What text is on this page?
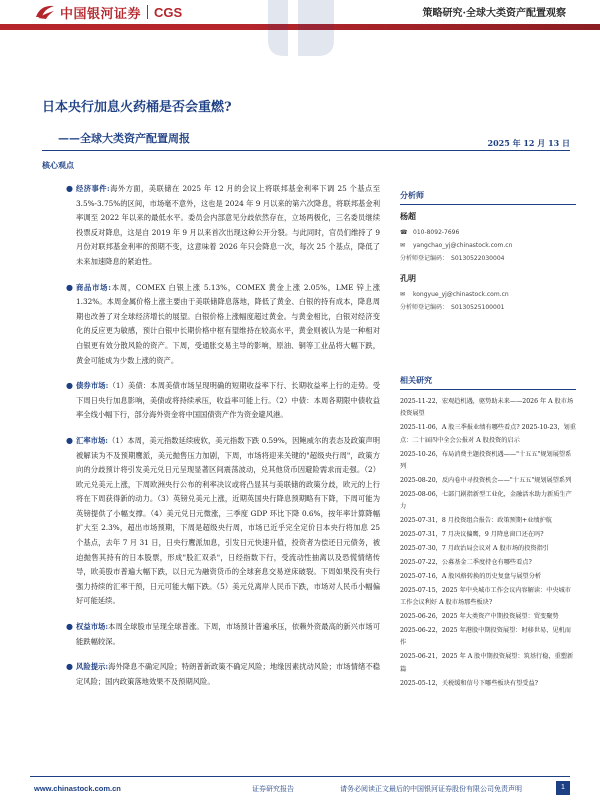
中国银河证券 CGS	策略研究·全球大类资产配置观察
日本央行加息火药桶是否会重燃?
——全球大类资产配置周报	2025 年 12 月 13 日
核心观点
● 经济事件:海外方面，美联储在 2025 年 12 月的会议上将联邦基金利率下调 25 个基点至 3.5%-3.75%的区间，市场毫不意外，这也是 2024 年 9 月以来的第六次降息，将联邦基金利率调至 2022 年以来的最低水平。委员会内部意见分歧依然存在，立场两极化，三名委员继续投票反对降息，这是自 2019 年 9 月以来首次出现这种公开分裂。与此同时，官员们维持了 9 月份对联邦基金利率的预期不变，这意味着 2026 年只会降息一次，每次 25 个基点，降低了未来加速降息的紧迫性。

● 商品市场:本周，COMEX 白银上涨 5.13%，COMEX 黄金上涨 2.05%，LME 锌上涨 1.32%。本周金属价格上涨主要由于美联储降息落地，降低了黄金、白银的持有成本，降息周期也改善了对全球经济增长的展望。白银价格上涨幅度超过黄金。与黄金相比，白银对经济变化的反应更为敏感，预计白银中长期价格中枢有望维持在较高水平，黄金则被认为是一种相对白银更有效分散风险的资产。下周，受通胀交易主导的影响，原油、铜等工业品将大幅下跌，黄金可能成为少数上涨的资产。

● 债券市场:（1）美债：本周美债市场呈现明确的短期收益率下行、长期收益率上行的走势。受下周日央行加息影响，美债或将持续承压，收益率可能上行。（2）中债：本周各期限中债收益率全线小幅下行，部分海外资金将中国国债资产作为资金避风港。

● 汇率市场:（1）本周，美元指数延续疲软，美元指数下跌 0.59%，因鲍威尔的表态及政策声明被解读为不及预期鹰派，美元抛售压力加剧，下周，市场将迎来关键的"超级央行周"，政策方向的分歧预计将引发美元兑日元呈现显著区间震荡波动，兑其他货币因避险需求而走强。（2）欧元兑美元上涨，下周欧洲央行公布的利率决议或将凸显其与美联储的政策分歧，欧元的上行将在下周获得新的动力。（3）英镑兑美元上涨，近期英国央行降息预期略有下降，下周可能为英镑提供了小幅支撑。（4）美元兑日元微涨，三季度 GDP 环比下降 0.6%，按年率计算降幅扩大至 2.3%，超出市场预期，下周是超级央行周，市场已近乎完全定价日本央行将加息 25 个基点，去年 7 月 31 日，日央行鹰派加息，引发日元快速升值，投资者为偿还日元债务，被迫抛售其持有的日本股票，形成"股汇双杀"，日经指数下行，受流动性抽离以及恐慌情绪传导，欧美股市普遍大幅下跌，以日元为融资货币的全球套息交易逆床破裂。下周如果没有央行强力持续的汇率干预，日元可能大幅下跌。（5）美元兑离岸人民币下跌，市场对人民币小幅偏好可能延续。

● 权益市场:本周全球股市呈现全球普涨。下周，市场预计普遍承压，依赖外资最高的新兴市场可能跌幅较深。

● 风险提示:海外降息不确定风险；特朗普新政策不确定风险；地缘因素扰动风险；市场情绪不稳定风险；国内政策落地效果不及预期风险。

分析师
杨超
☎ 010-8092-7696
✉	yangchao_yj@chinastock.com.cn
分析师登记编码： S0130522030004
孔明
✉	kongyue_yj@chinastock.com.cn
分析师登记编码： S0130525100001
相关研究
2025-11-22，宏观趋机遇，驱势助未来——2026 年 A 股市场投资展望
2025-11-06，A 股三季报业绩有哪些看点? 2025-10-23，划重点：二十届四中全会公报对 A 股投资的启示
2025-10-26，布局消费主题投资机遇——"十五五"规划展望系列
2025-08-20，反内卷中寻投资机会——"十五五"规划展望系列
2025-08-06，七部门剧指新型工业化，金融活水助力新质生产力
2025-07-31，8 月投资组合报告：政策预期+业绩护航
2025-07-31，7 月决议偏鹰，9 月降息窗口还在吗?
2025-07-30，7 月政治局会议对 A 股市场的投资指引
2025-07-22，公募基金二季度持仓有哪些看点?
2025-07-16，A 股风格转换的历史复盘与展望分析
2025-07-15，2025 年中央城市工作会议内容解读：中央城市工作会议利好 A 股市场那些板块?
2025-06-26，2025 年大类资产中期投资展望：贸变聚势
2025-06-22，2025 年港股中期投资展望：时移世易，见机而作
2025-06-21，2025 年 A 股中期投资展望：筑基行稳，重塑新篇
2025-05-12，关税缓和信号下哪些板块有望受益?
www.chinastock.com.cn	证券研究报告	请务必阅读正文最后的中国银河证券股份有限公司免责声明	1
